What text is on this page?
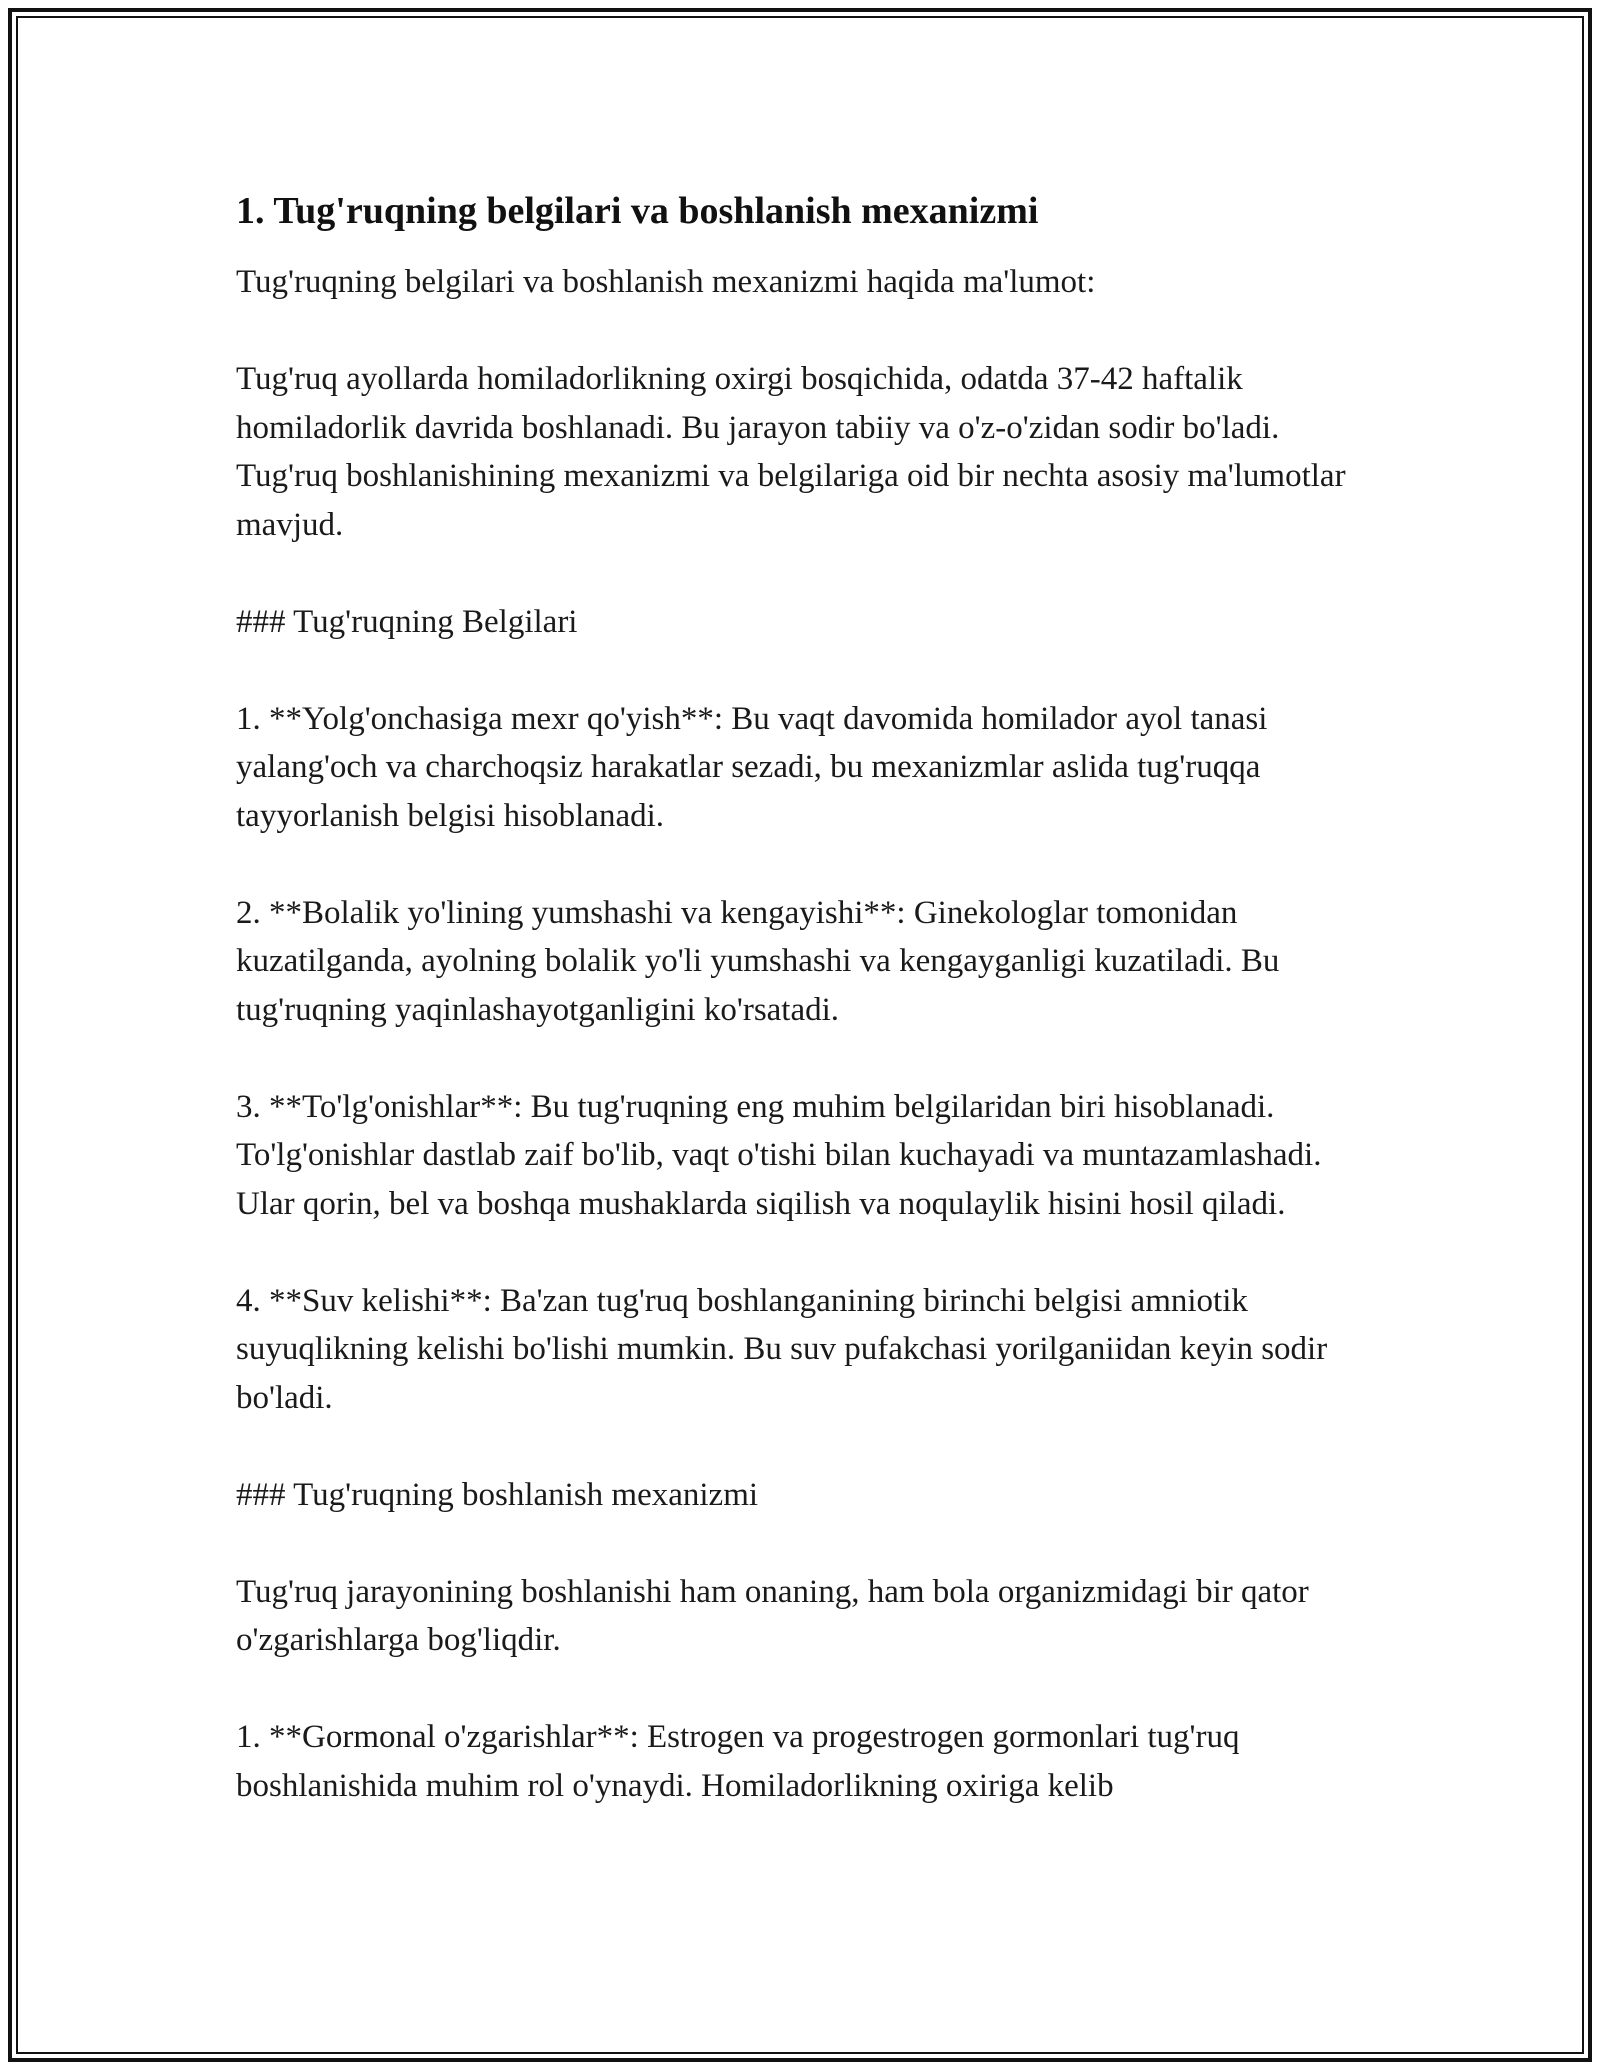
1. Tug'ruqning belgilari va boshlanish mexanizmi

Tug'ruqning belgilari va boshlanish mexanizmi haqida ma'lumot:

Tug'ruq ayollarda homiladorlikning oxirgi bosqichida, odatda 37-42 haftalik homiladorlik davrida boshlanadi. Bu jarayon tabiiy va o'z-o'zidan sodir bo'ladi. Tug'ruq boshlanishining mexanizmi va belgilariga oid bir nechta asosiy ma'lumotlar mavjud.

### Tug'ruqning Belgilari

1. **Yolg'onchasiga mexr qo'yish**: Bu vaqt davomida homilador ayol tanasi yalang'och va charchoqsiz harakatlar sezadi, bu mexanizmlar aslida tug'ruqqa tayyorlanish belgisi hisoblanadi.

2. **Bolalik yo'lining yumshashi va kengayishi**: Ginekologlar tomonidan kuzatilganda, ayolning bolalik yo'li yumshashi va kengayganligi kuzatiladi. Bu tug'ruqning yaqinlashayotganligini ko'rsatadi.

3. **To'lg'onishlar**: Bu tug'ruqning eng muhim belgilaridan biri hisoblanadi. To'lg'onishlar dastlab zaif bo'lib, vaqt o'tishi bilan kuchayadi va muntazamlashadi. Ular qorin, bel va boshqa mushaklarda siqilish va noqulaylik hisini hosil qiladi.

4. **Suv kelishi**: Ba'zan tug'ruq boshlanganining birinchi belgisi amniotik suyuqlikning kelishi bo'lishi mumkin. Bu suv pufakchasi yorilganiidan keyin sodir bo'ladi.

### Tug'ruqning boshlanish mexanizmi

Tug'ruq jarayonining boshlanishi ham onaning, ham bola organizmidagi bir qator o'zgarishlarga bog'liqdir.

1. **Gormonal o'zgarishlar**: Estrogen va progestrogen gormonlari tug'ruq boshlanishida muhim rol o'ynaydi. Homiladorlikning oxiriga kelib
